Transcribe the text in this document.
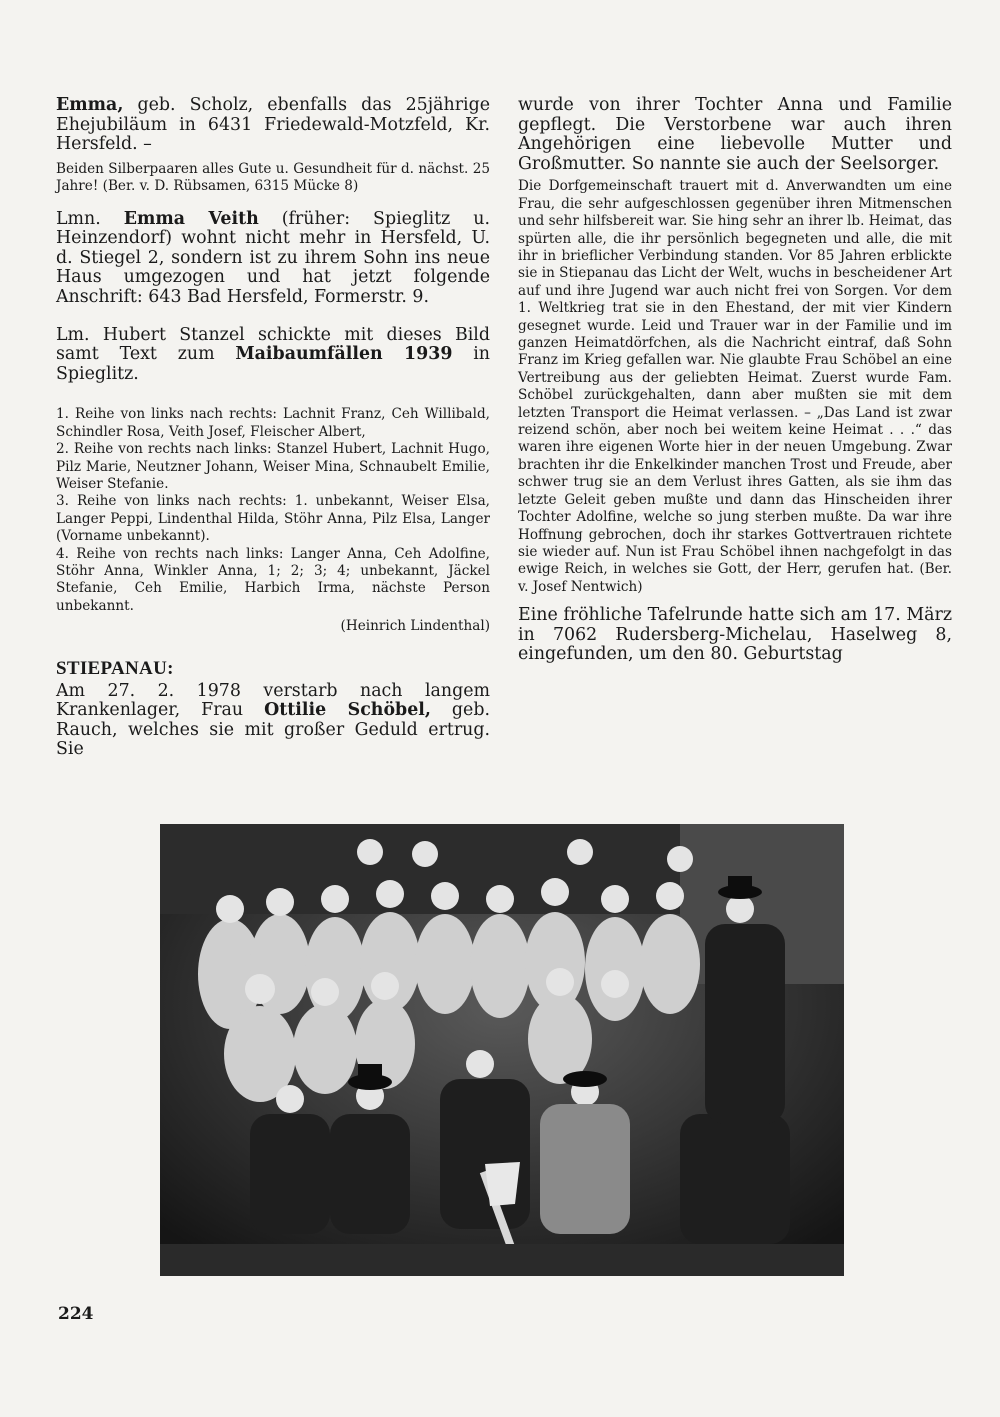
Emma, geb. Scholz, ebenfalls das 25jährige Ehejubiläum in 6431 Friedewald-Motzfeld, Kr. Hersfeld. –

Beiden Silberpaaren alles Gute u. Gesundheit für d. nächst. 25 Jahre! (Ber. v. D. Rübsamen, 6315 Mücke 8)

Lmn. Emma Veith (früher: Spieglitz u. Heinzendorf) wohnt nicht mehr in Hersfeld, U. d. Stiegel 2, sondern ist zu ihrem Sohn ins neue Haus umgezogen und hat jetzt folgende Anschrift: 643 Bad Hersfeld, Formerstr. 9.

Lm. Hubert Stanzel schickte mit dieses Bild samt Text zum Maibaumfällen 1939 in Spieglitz.

1. Reihe von links nach rechts: Lachnit Franz, Ceh Willibald, Schindler Rosa, Veith Josef, Fleischer Albert,

2. Reihe von rechts nach links: Stanzel Hubert, Lachnit Hugo, Pilz Marie, Neutzner Johann, Weiser Mina, Schnaubelt Emilie, Weiser Stefanie.

3. Reihe von links nach rechts: 1. unbekannt, Weiser Elsa, Langer Peppi, Lindenthal Hilda, Stöhr Anna, Pilz Elsa, Langer (Vorname unbekannt).

4. Reihe von rechts nach links: Langer Anna, Ceh Adolfine, Stöhr Anna, Winkler Anna, 1; 2; 3; 4; unbekannt, Jäckel Stefanie, Ceh Emilie, Harbich Irma, nächste Person unbekannt.

(Heinrich Lindenthal)

STIEPANAU:

Am 27. 2. 1978 verstarb nach langem Krankenlager, Frau Ottilie Schöbel, geb. Rauch, welches sie mit großer Geduld ertrug. Sie

wurde von ihrer Tochter Anna und Familie gepflegt. Die Verstorbene war auch ihren Angehörigen eine liebevolle Mutter und Großmutter. So nannte sie auch der Seelsorger.

Die Dorfgemeinschaft trauert mit d. Anverwandten um eine Frau, die sehr aufgeschlossen gegenüber ihren Mitmenschen und sehr hilfsbereit war. Sie hing sehr an ihrer lb. Heimat, das spürten alle, die ihr persönlich begegneten und alle, die mit ihr in brieflicher Verbindung standen. Vor 85 Jahren erblickte sie in Stiepanau das Licht der Welt, wuchs in bescheidener Art auf und ihre Jugend war auch nicht frei von Sorgen. Vor dem 1. Weltkrieg trat sie in den Ehestand, der mit vier Kindern gesegnet wurde. Leid und Trauer war in der Familie und im ganzen Heimatdörfchen, als die Nachricht eintraf, daß Sohn Franz im Krieg gefallen war. Nie glaubte Frau Schöbel an eine Vertreibung aus der geliebten Heimat. Zuerst wurde Fam. Schöbel zurückgehalten, dann aber mußten sie mit dem letzten Transport die Heimat verlassen. – „Das Land ist zwar reizend schön, aber noch bei weitem keine Heimat . . .“ das waren ihre eigenen Worte hier in der neuen Umgebung. Zwar brachten ihr die Enkelkinder manchen Trost und Freude, aber schwer trug sie an dem Verlust ihres Gatten, als sie ihm das letzte Geleit geben mußte und dann das Hinscheiden ihrer Tochter Adolfine, welche so jung sterben mußte. Da war ihre Hoffnung gebrochen, doch ihr starkes Gottvertrauen richtete sie wieder auf. Nun ist Frau Schöbel ihnen nachgefolgt in das ewige Reich, in welches sie Gott, der Herr, gerufen hat. (Ber. v. Josef Nentwich)

Eine fröhliche Tafelrunde hatte sich am 17. März in 7062 Rudersberg-Michelau, Haselweg 8, eingefunden, um den 80. Geburtstag

224
